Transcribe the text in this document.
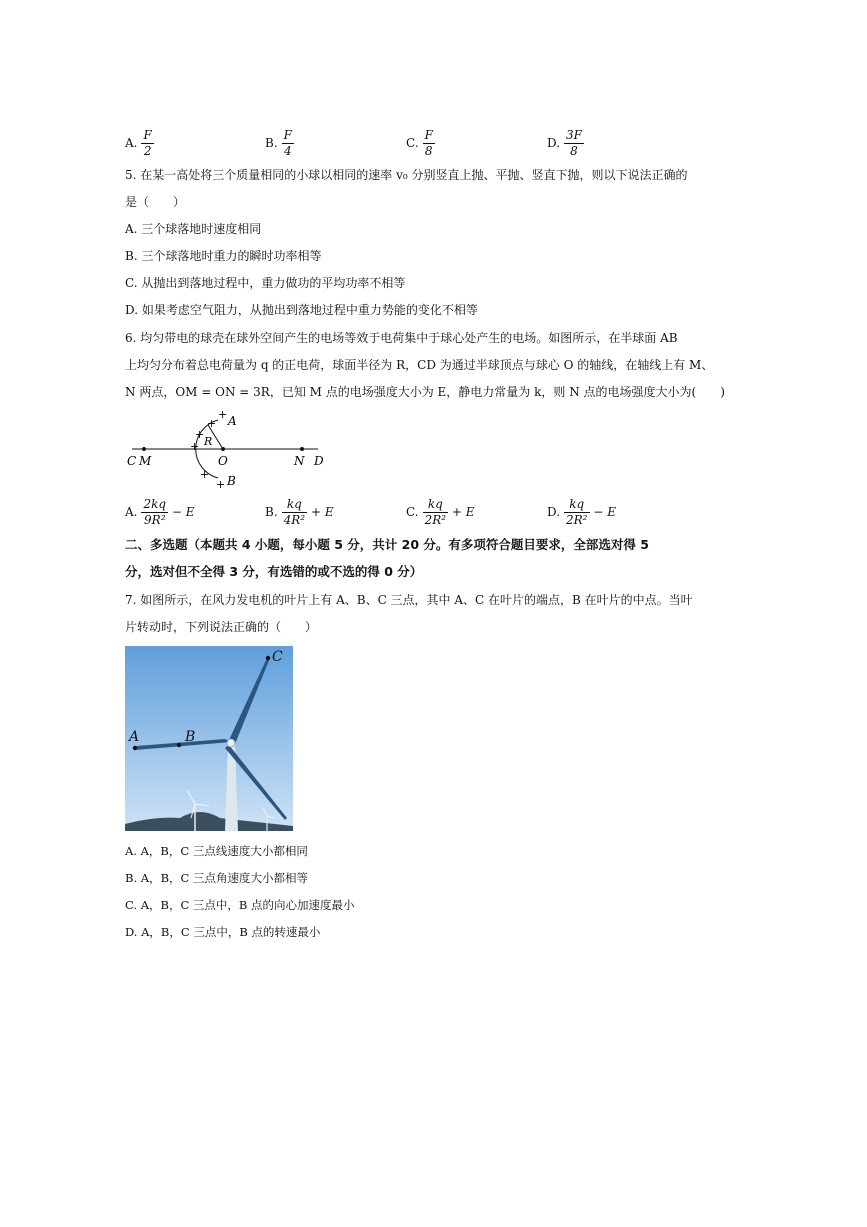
A. $\frac{F}{2}$	B. $\frac{F}{4}$	C. $\frac{F}{8}$	D. $\frac{3F}{8}$
5. 在某一高处将三个质量相同的小球以相同的速率 v₀ 分别竖直上抛、平抛、竖直下抛，则以下说法正确的
是（　　）
A. 三个球落地时速度相同
B. 三个球落地时重力的瞬时功率相等
C. 从抛出到落地过程中，重力做功的平均功率不相等
D. 如果考虑空气阻力，从抛出到落地过程中重力势能的变化不相等
6. 均匀带电的球壳在球外空间产生的电场等效于电荷集中于球心处产生的电场。如图所示，在半球面 AB
上均匀分布着总电荷量为 q 的正电荷，球面半径为 R，CD 为通过半球顶点与球心 O 的轴线，在轴线上有 M、
N 两点，OM = ON = 3R，已知 M 点的电场强度大小为 E，静电力常量为 k，则 N 点的电场强度大小为(　　)
+
+
+
+
+
+
A
B
R
C M	O	N D
A. $\frac{2kq}{\text{9R²}} - E$	B. $\frac{kq}{\text{4R²}} + E$	C. $\frac{kq}{\text{2R²}} + E$	D. $\frac{kq}{\text{2R²}} - E$
二、多选题（本题共 4 小题，每小题 5 分，共计 20 分。有多项符合题目要求，全部选对得 5
分，选对但不全得 3 分，有选错的或不选的得 0 分）
7. 如图所示，在风力发电机的叶片上有 A、B、C 三点，其中 A、C 在叶片的端点，B 在叶片的中点。当叶
片转动时，下列说法正确的（　　）
A	B
C
A. A，B，C 三点线速度大小都相同
B. A，B，C 三点角速度大小都相等
C. A，B，C 三点中，B 点的向心加速度最小
D. A，B，C 三点中，B 点的转速最小
